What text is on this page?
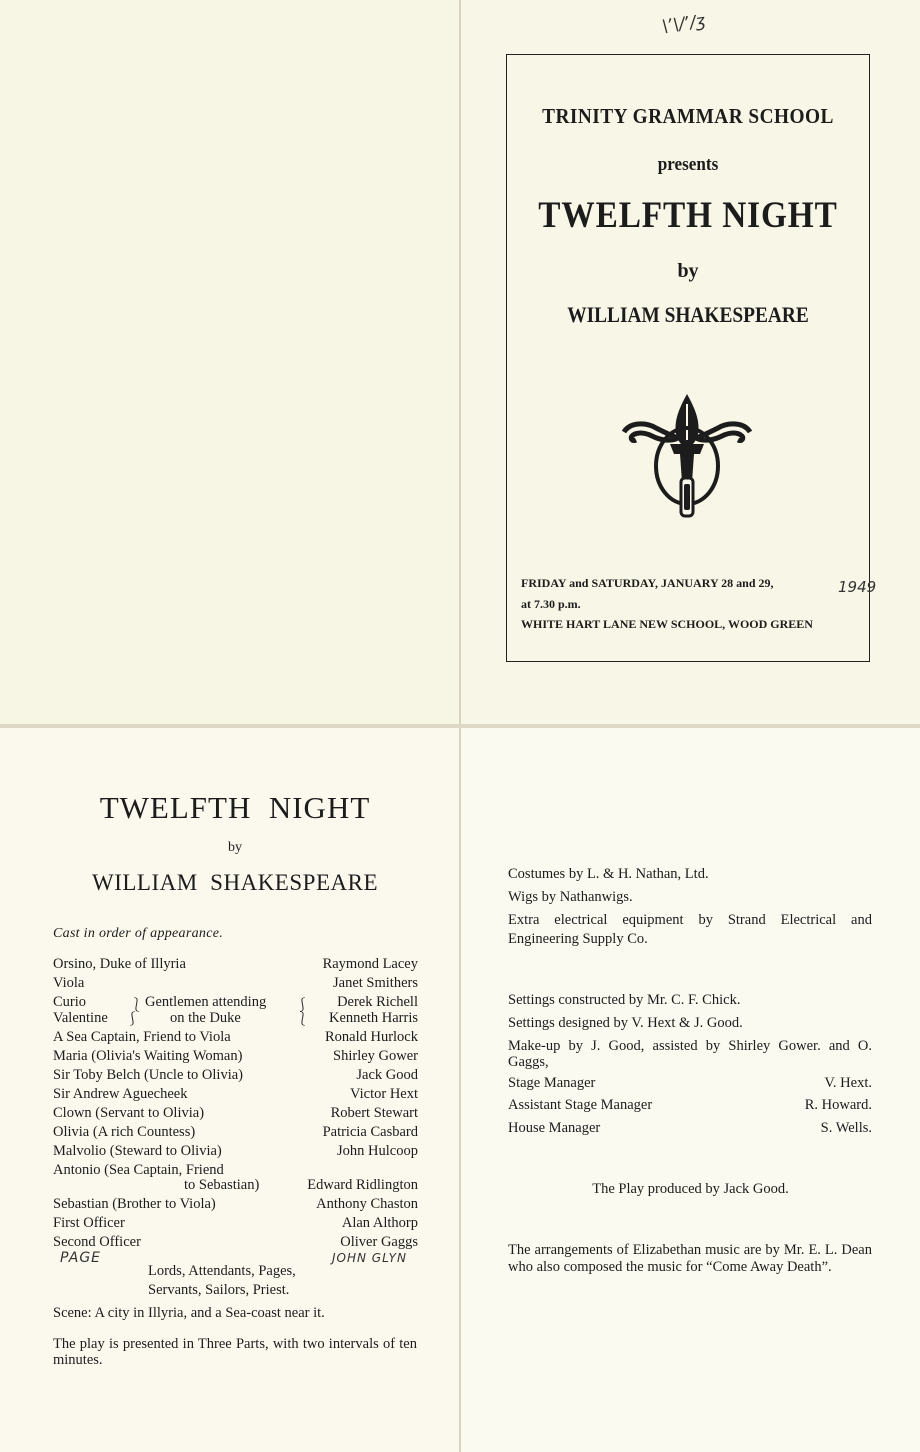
\ʼ\/ʼ/ʒ
TRINITY GRAMMAR SCHOOL
presents
TWELFTH NIGHT
by
WILLIAM SHAKESPEARE
FRIDAY and SATURDAY, JANUARY 28 and 29,	1949
at 7.30 p.m.
WHITE HART LANE NEW SCHOOL, WOOD GREEN
TWELFTH  NIGHT
by
WILLIAM  SHAKESPEARE
Cast in order of appearance.
Orsino, Duke of Illyria	Raymond Lacey
Viola	Janet Smithers
Curio	Derek Richell
Valentine	Kenneth Harris
A Sea Captain, Friend to Viola	Ronald Hurlock
Maria (Olivia's Waiting Woman)	Shirley Gower
Sir Toby Belch (Uncle to Olivia)	Jack Good
Sir Andrew Aguecheek	Victor Hext
Clown (Servant to Olivia)	Robert Stewart
Olivia (A rich Countess)	Patricia Casbard
Malvolio (Steward to Olivia)	John Hulcoop
Antonio (Sea Captain, Friend
to Sebastian)	Edward Ridlington
Sebastian (Brother to Viola)	Anthony Chaston
First Officer	Alan Althorp
Second Officer	Oliver Gaggs
⎱
⎰
Gentlemen attending
on the Duke
⎰
⎱
PAGE	JOHN GLYN
Lords, Attendants, Pages,
Servants, Sailors, Priest.
Scene: A city in Illyria, and a Sea-coast near it.
The play is presented in Three Parts, with two intervals of ten minutes.
Costumes by L. & H. Nathan, Ltd.
Wigs by Nathanwigs.
Extra electrical equipment by Strand Electrical and Engineering Supply Co.
Settings constructed by Mr. C. F. Chick.
Settings designed by V. Hext & J. Good.
Make-up by J. Good, assisted by Shirley Gower. and O. Gaggs,
Stage Manager	V. Hext.
Assistant Stage Manager	R. Howard.
House Manager	S. Wells.
The Play produced by Jack Good.
The arrangements of Elizabethan music are by Mr. E. L. Dean who also composed the music for “Come Away Death”.
